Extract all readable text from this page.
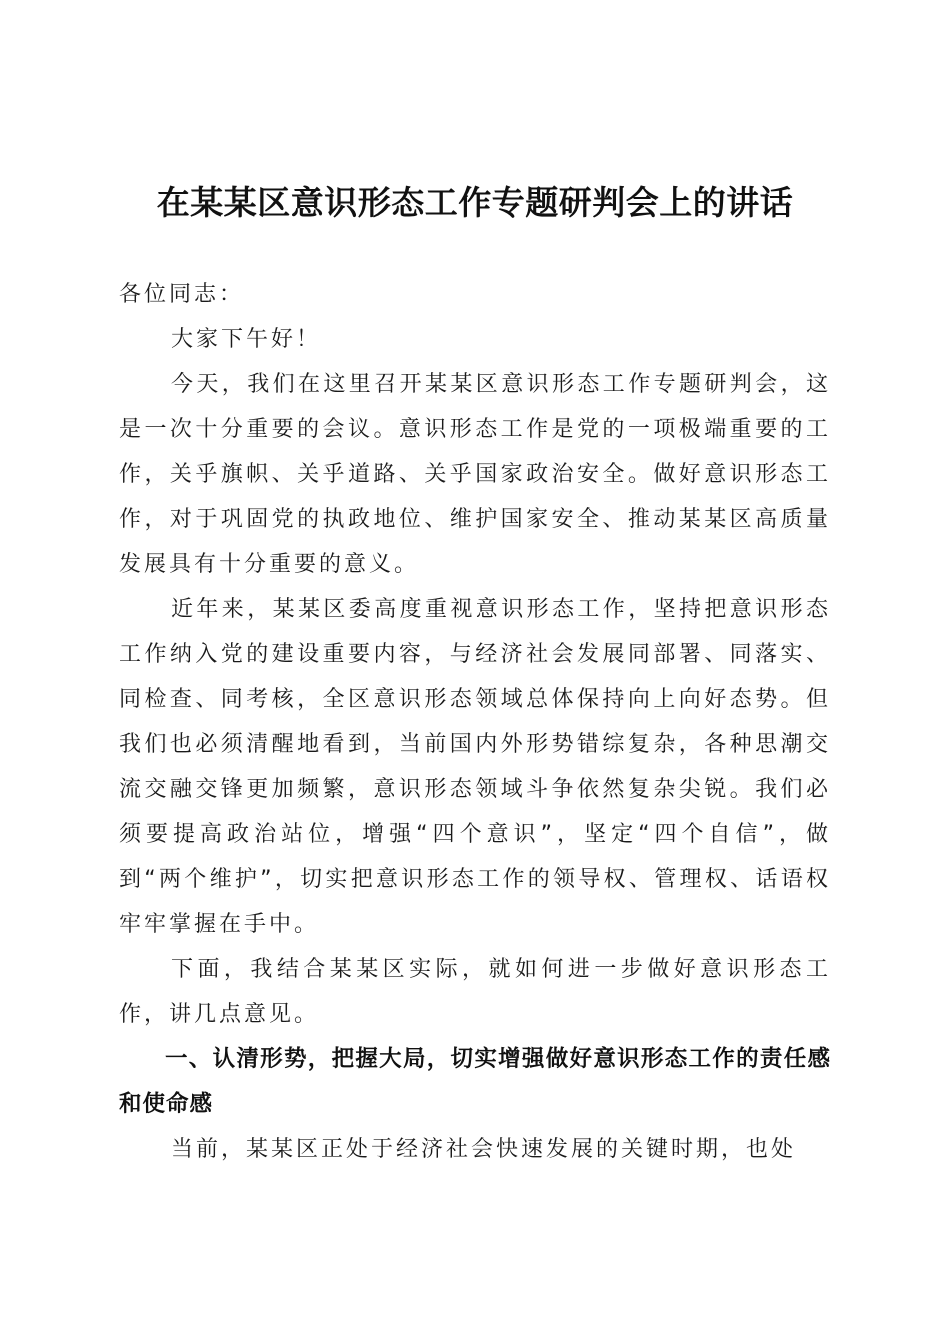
在某某区意识形态工作专题研判会上的讲话

各位同志：

大家下午好！

今天，我们在这里召开某某区意识形态工作专题研判会，这是一次十分重要的会议。意识形态工作是党的一项极端重要的工作，关乎旗帜、关乎道路、关乎国家政治安全。做好意识形态工作，对于巩固党的执政地位、维护国家安全、推动某某区高质量发展具有十分重要的意义。

近年来，某某区委高度重视意识形态工作，坚持把意识形态工作纳入党的建设重要内容，与经济社会发展同部署、同落实、同检查、同考核，全区意识形态领域总体保持向上向好态势。但我们也必须清醒地看到，当前国内外形势错综复杂，各种思潮交流交融交锋更加频繁，意识形态领域斗争依然复杂尖锐。我们必须要提高政治站位，增强“四个意识”，坚定“四个自信”，做到“两个维护”，切实把意识形态工作的领导权、管理权、话语权牢牢掌握在手中。

下面，我结合某某区实际，就如何进一步做好意识形态工作，讲几点意见。

一、认清形势，把握大局，切实增强做好意识形态工作的责任感和使命感

当前，某某区正处于经济社会快速发展的关键时期，也处
